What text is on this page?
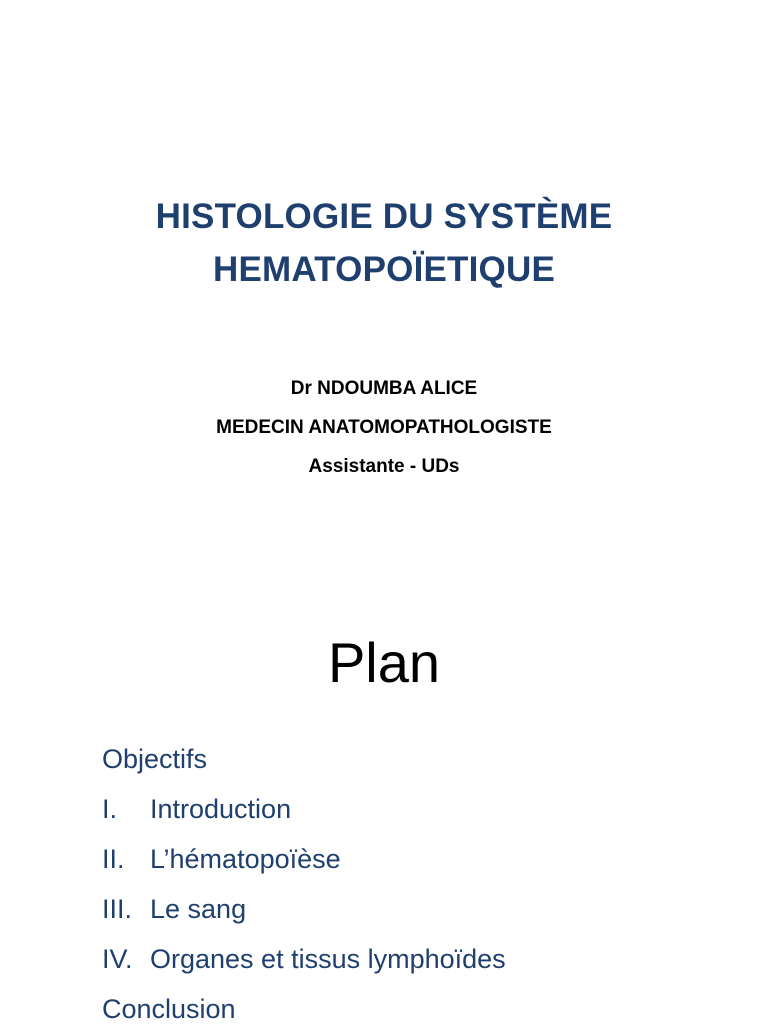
HISTOLOGIE DU SYSTÈME
HEMATOPOÏETIQUE
Dr NDOUMBA ALICE
MEDECIN ANATOMOPATHOLOGISTE
Assistante - UDs
Plan
Objectifs
I. Introduction
II. L’hématopoïèse
III. Le sang
IV. Organes et tissus lymphoïdes
Conclusion
